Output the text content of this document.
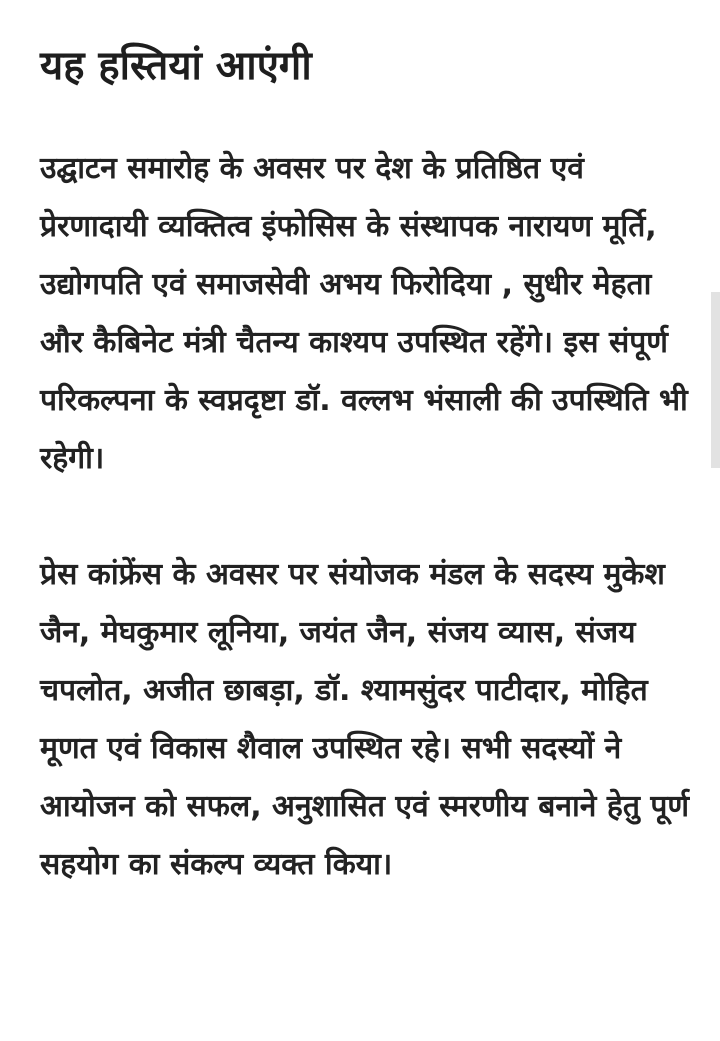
यह हस्तियां आएंगी

उद्घाटन समारोह के अवसर पर देश के प्रतिष्ठित एवं प्रेरणादायी व्यक्तित्व इंफोसिस के संस्थापक नारायण मूर्ति, उद्योगपति एवं समाजसेवी अभय फिरोदिया , सुधीर मेहता और कैबिनेट मंत्री चैतन्य काश्यप उपस्थित रहेंगे। इस संपूर्ण परिकल्पना के स्वप्नदृष्टा डॉ. वल्लभ भंसाली की उपस्थिति भी रहेगी।

प्रेस कांफ्रेंस के अवसर पर संयोजक मंडल के सदस्य मुकेश जैन, मेघकुमार लूनिया, जयंत जैन, संजय व्यास, संजय चपलोत, अजीत छाबड़ा, डॉ. श्यामसुंदर पाटीदार, मोहित मूणत एवं विकास शैवाल उपस्थित रहे। सभी सदस्यों ने आयोजन को सफल, अनुशासित एवं स्मरणीय बनाने हेतु पूर्ण सहयोग का संकल्प व्यक्त किया।
